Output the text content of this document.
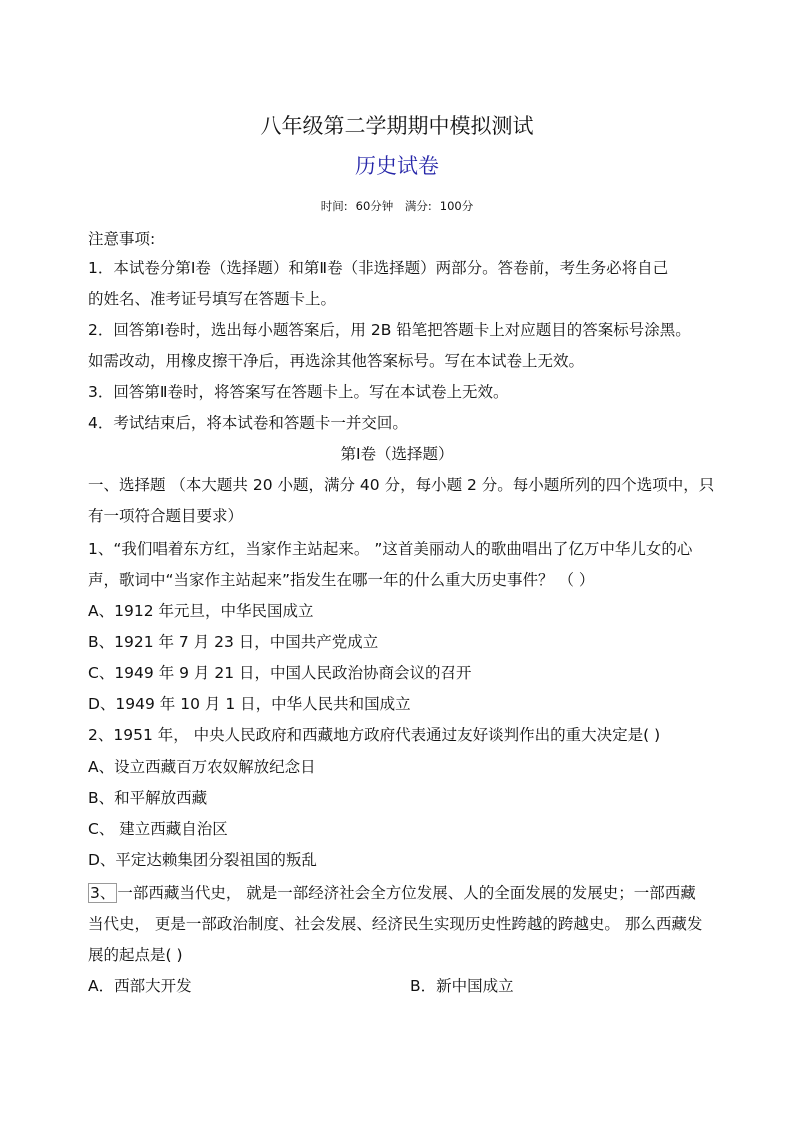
八年级第二学期期中模拟测试
历史试卷
时间: 60分钟 满分: 100分
注意事项:
1．本试卷分第Ⅰ卷（选择题）和第Ⅱ卷（非选择题）两部分。答卷前，考生务必将自己
的姓名、准考证号填写在答题卡上。
2．回答第Ⅰ卷时，选出每小题答案后，用 2B 铅笔把答题卡上对应题目的答案标号涂黑。
如需改动，用橡皮擦干净后，再选涂其他答案标号。写在本试卷上无效。
3．回答第Ⅱ卷时，将答案写在答题卡上。写在本试卷上无效。
4．考试结束后，将本试卷和答题卡一并交回。
第Ⅰ卷（选择题）
一、选择题 （本大题共 20 小题，满分 40 分，每小题 2 分。每小题所列的四个选项中，只
有一项符合题目要求）
1、“我们唱着东方红，当家作主站起来。 ”这首美丽动人的歌曲唱出了亿万中华儿女的心
声，歌词中“当家作主站起来”指发生在哪一年的什么重大历史事件？ （ ）
A、1912 年元旦，中华民国成立
B、1921 年 7 月 23 日，中国共产党成立
C、1949 年 9 月 21 日，中国人民政治协商会议的召开
D、1949 年 10 月 1 日，中华人民共和国成立
2、1951 年， 中央人民政府和西藏地方政府代表通过友好谈判作出的重大决定是( )
A、设立西藏百万农奴解放纪念日
B、和平解放西藏
C、 建立西藏自治区
D、平定达赖集团分裂祖国的叛乱
3、 一部西藏当代史， 就是一部经济社会全方位发展、人的全面发展的发展史；一部西藏
当代史， 更是一部政治制度、社会发展、经济民生实现历史性跨越的跨越史。 那么西藏发
展的起点是( )
A．西部大开发	B．新中国成立
